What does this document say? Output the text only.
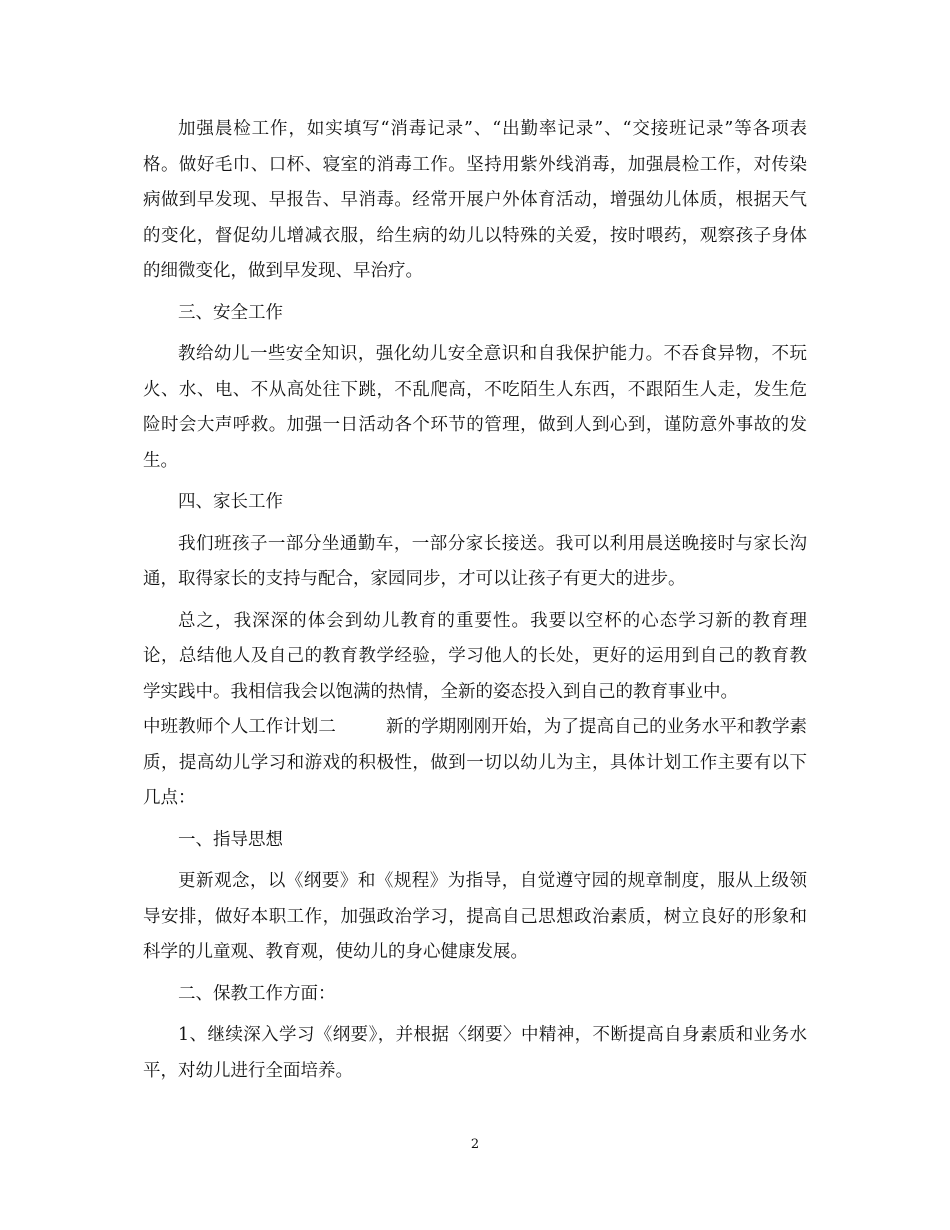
加强晨检工作，如实填写“消毒记录”、“出勤率记录”、“交接班记录”等各项表格。做好毛巾、口杯、寝室的消毒工作。坚持用紫外线消毒，加强晨检工作，对传染病做到早发现、早报告、早消毒。经常开展户外体育活动，增强幼儿体质，根据天气的变化，督促幼儿增减衣服，给生病的幼儿以特殊的关爱，按时喂药，观察孩子身体的细微变化，做到早发现、早治疗。

三、安全工作

教给幼儿一些安全知识，强化幼儿安全意识和自我保护能力。不吞食异物，不玩火、水、电、不从高处往下跳，不乱爬高，不吃陌生人东西，不跟陌生人走，发生危险时会大声呼救。加强一日活动各个环节的管理，做到人到心到，谨防意外事故的发生。

四、家长工作

我们班孩子一部分坐通勤车，一部分家长接送。我可以利用晨送晚接时与家长沟通，取得家长的支持与配合，家园同步，才可以让孩子有更大的进步。

总之，我深深的体会到幼儿教育的重要性。我要以空杯的心态学习新的教育理论，总结他人及自己的教育教学经验，学习他人的长处，更好的运用到自己的教育教学实践中。我相信我会以饱满的热情，全新的姿态投入到自己的教育事业中。

中班教师个人工作计划二	新的学期刚刚开始，为了提高自己的业务水平和教学素质，提高幼儿学习和游戏的积极性，做到一切以幼儿为主，具体计划工作主要有以下几点：

一、指导思想

更新观念，以《纲要》和《规程》为指导，自觉遵守园的规章制度，服从上级领导安排，做好本职工作，加强政治学习，提高自己思想政治素质，树立良好的形象和科学的儿童观、教育观，使幼儿的身心健康发展。

二、保教工作方面：

1、继续深入学习《纲要》，并根据〈纲要〉中精神，不断提高自身素质和业务水平，对幼儿进行全面培养。

2
